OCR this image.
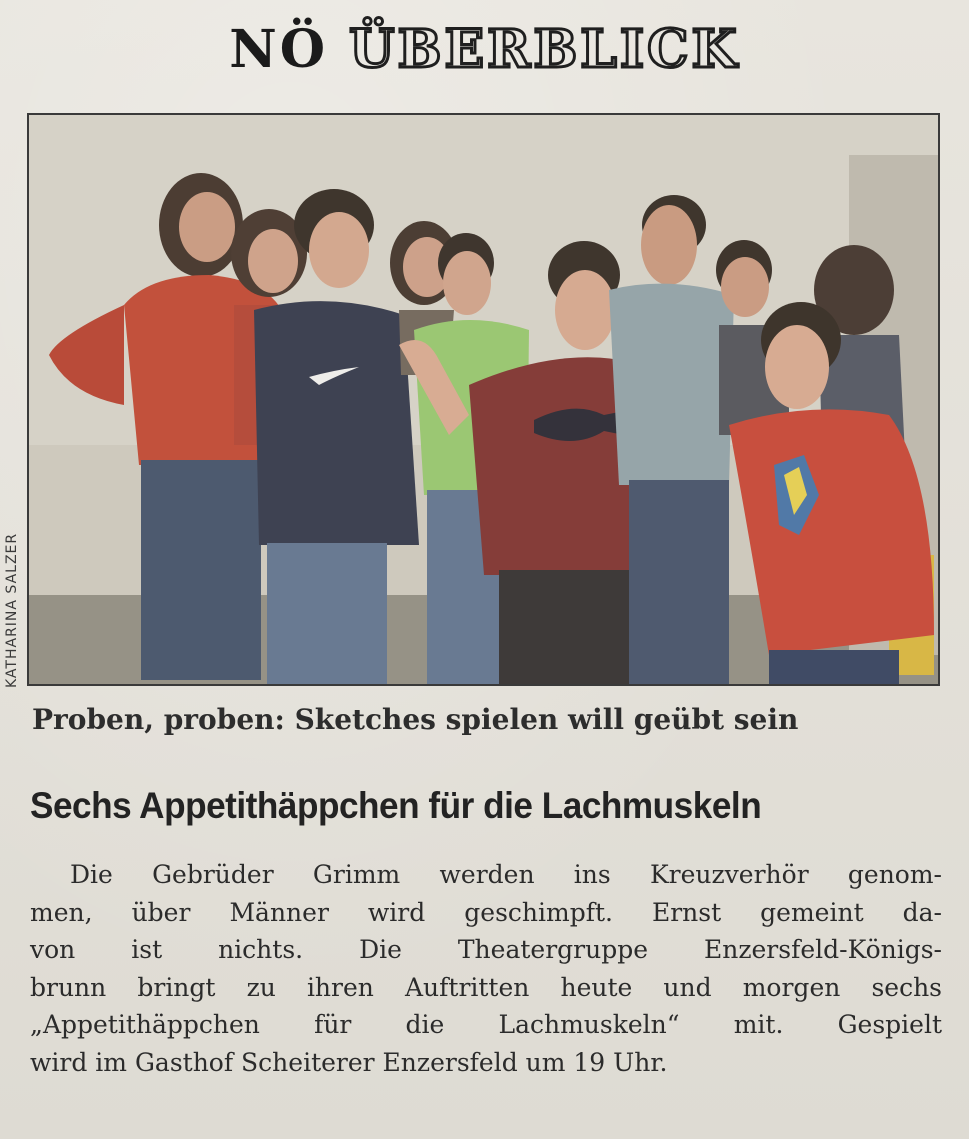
NÖ ÜBERBLICK
KATHARINA SALZER
Proben, proben: Sketches spielen will geübt sein
Sechs Appetithäppchen für die Lachmuskeln
Die Gebrüder Grimm werden ins Kreuzverhör genom-
men, über Männer wird geschimpft. Ernst gemeint da-
von ist nichts. Die Theatergruppe Enzersfeld-Königs-
brunn bringt zu ihren Auftritten heute und morgen sechs
„Appetithäppchen für die Lachmuskeln“ mit. Gespielt
wird im Gasthof Scheiterer Enzersfeld um 19 Uhr.
